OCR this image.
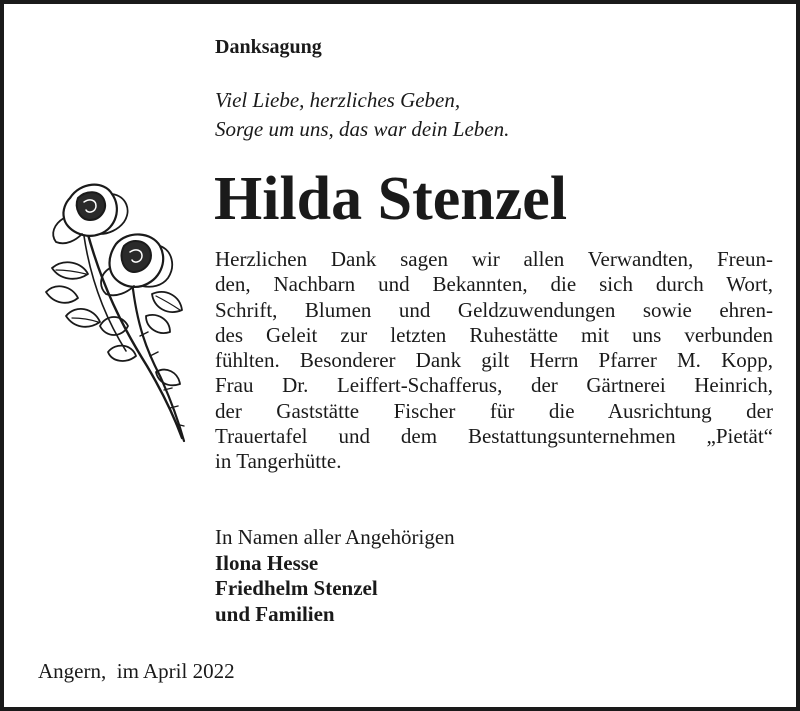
Danksagung
Viel Liebe, herzliches Geben,
Sorge um uns, das war dein Leben.
Hilda Stenzel
Herzlichen Dank sagen wir allen Verwandten, Freun-
den, Nachbarn und Bekannten, die sich durch Wort,
Schrift, Blumen und Geldzuwendungen sowie ehren-
des Geleit zur letzten Ruhestätte mit uns verbunden
fühlten. Besonderer Dank gilt Herrn Pfarrer M. Kopp,
Frau Dr. Leiffert-Schafferus, der Gärtnerei Heinrich,
der Gaststätte Fischer für die Ausrichtung der
Trauertafel und dem Bestattungsunternehmen „Pietät“
in Tangerhütte.
In Namen aller Angehörigen
Ilona Hesse
Friedhelm Stenzel
und Familien
Angern, im April 2022
